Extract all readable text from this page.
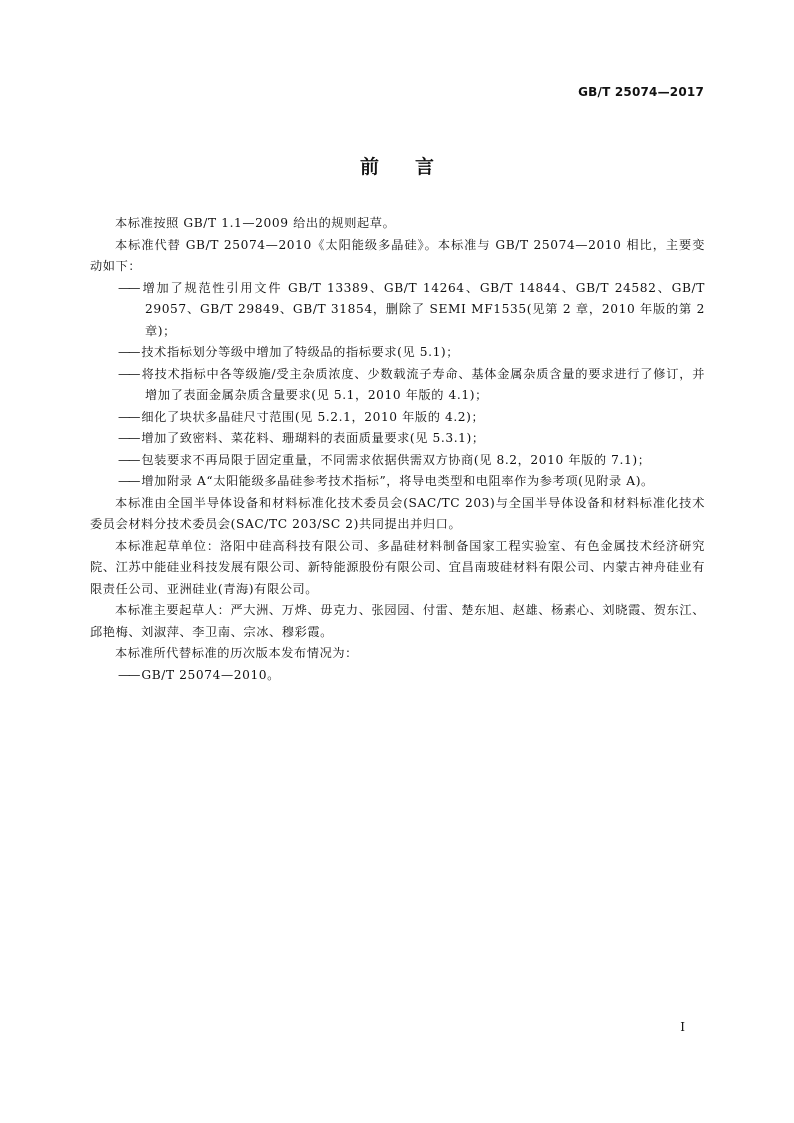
GB/T 25074—2017
前言

本标准按照 GB/T 1.1—2009 给出的规则起草。

本标准代替 GB/T 25074—2010《太阳能级多晶硅》。本标准与 GB/T 25074—2010 相比，主要变动如下：

—— 增加了规范性引用文件 GB/T 13389、GB/T 14264、GB/T 14844、GB/T 24582、GB/T 29057、GB/T 29849、GB/T 31854，删除了 SEMI MF1535(见第 2 章，2010 年版的第 2 章)；

—— 技术指标划分等级中增加了特级品的指标要求(见 5.1)；

—— 将技术指标中各等级施/受主杂质浓度、少数载流子寿命、基体金属杂质含量的要求进行了修订，并增加了表面金属杂质含量要求(见 5.1，2010 年版的 4.1)；

—— 细化了块状多晶硅尺寸范围(见 5.2.1，2010 年版的 4.2)；

—— 增加了致密料、菜花料、珊瑚料的表面质量要求(见 5.3.1)；

—— 包装要求不再局限于固定重量，不同需求依据供需双方协商(见 8.2，2010 年版的 7.1)；

—— 增加附录 A“太阳能级多晶硅参考技术指标”，将导电类型和电阻率作为参考项(见附录 A)。

本标准由全国半导体设备和材料标准化技术委员会(SAC/TC 203)与全国半导体设备和材料标准化技术委员会材料分技术委员会(SAC/TC 203/SC 2)共同提出并归口。

本标准起草单位：洛阳中硅高科技有限公司、多晶硅材料制备国家工程实验室、有色金属技术经济研究院、江苏中能硅业科技发展有限公司、新特能源股份有限公司、宜昌南玻硅材料有限公司、内蒙古神舟硅业有限责任公司、亚洲硅业(青海)有限公司。

本标准主要起草人：严大洲、万烨、毋克力、张园园、付雷、楚东旭、赵雄、杨素心、刘晓霞、贺东江、邱艳梅、刘淑萍、李卫南、宗冰、穆彩霞。

本标准所代替标准的历次版本发布情况为：

—— GB/T 25074—2010。

I
